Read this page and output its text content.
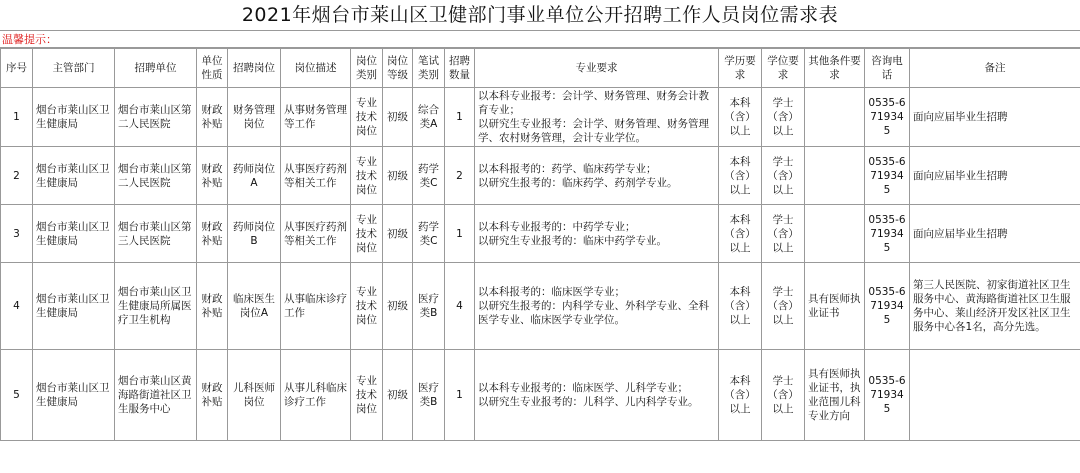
2021年烟台市莱山区卫健部门事业单位公开招聘工作人员岗位需求表
温馨提示：
序号	主管部门	招聘单位	单位性质	招聘岗位	岗位描述	岗位类别	岗位等级	笔试类别	招聘数量	专业要求	学历要求	学位要求	其他条件要求	咨询电话	备注
1	烟台市莱山区卫生健康局	烟台市莱山区第二人民医院	财政补贴	财务管理岗位	从事财务管理等工作	专业技术岗位	初级	综合类A	1	以本科专业报考：会计学、财务管理、财务会计教育专业；
以研究生专业报考：会计学、财务管理、财务管理学、农村财务管理，会计专业学位。	本科（含）以上	学士（含）以上		0535-6719345	面向应届毕业生招聘
2	烟台市莱山区卫生健康局	烟台市莱山区第二人民医院	财政补贴	药师岗位A	从事医疗药剂等相关工作	专业技术岗位	初级	药学类C	2	以本科报考的：药学、临床药学专业；
以研究生报考的：临床药学、药剂学专业。	本科（含）以上	学士（含）以上		0535-6719345	面向应届毕业生招聘
3	烟台市莱山区卫生健康局	烟台市莱山区第三人民医院	财政补贴	药师岗位B	从事医疗药剂等相关工作	专业技术岗位	初级	药学类C	1	以本科专业报考的：中药学专业；
以研究生专业报考的：临床中药学专业。	本科（含）以上	学士（含）以上		0535-6719345	面向应届毕业生招聘
4	烟台市莱山区卫生健康局	烟台市莱山区卫生健康局所属医疗卫生机构	财政补贴	临床医生岗位A	从事临床诊疗工作	专业技术岗位	初级	医疗类B	4	以本科报考的：临床医学专业；
以研究生报考的：内科学专业、外科学专业、全科医学专业、临床医学专业学位。	本科（含）以上	学士（含）以上	具有医师执业证书	0535-6719345	第三人民医院、初家街道社区卫生服务中心、黄海路街道社区卫生服务中心、莱山经济开发区社区卫生服务中心各1名，高分先选。
5	烟台市莱山区卫生健康局	烟台市莱山区黄海路街道社区卫生服务中心	财政补贴	儿科医师岗位	从事儿科临床诊疗工作	专业技术岗位	初级	医疗类B	1	以本科专业报考的：临床医学、儿科学专业；
以研究生专业报考的：儿科学、儿内科学专业。	本科（含）以上	学士（含）以上	具有医师执业证书，执业范围儿科专业方向	0535-6719345	
